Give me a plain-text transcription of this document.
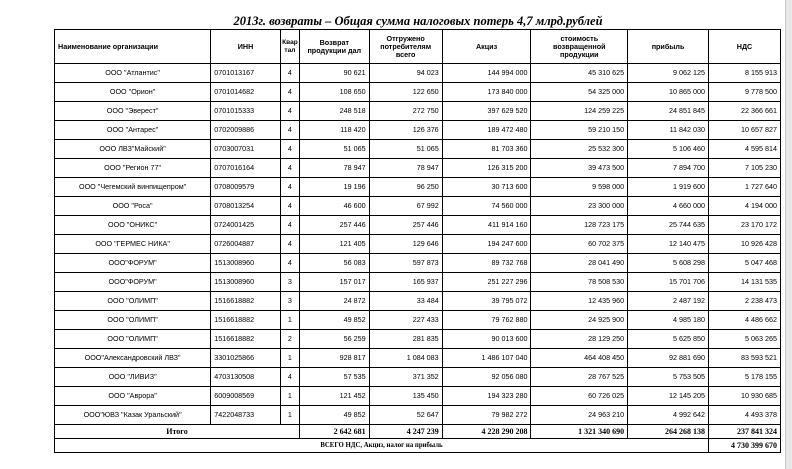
2013г. возвраты – Общая сумма налоговых потерь 4,7 млрд.рублей
Наименование организации	ИНН	Квартал	Возврат продукции дал	Отгружено потребителям всего	Акциз	стоимость возвращенной продукции	прибыль	НДС
ООО "Атлантис"	0701013167	4	90 621	94 023	144 994 000	45 310 625	9 062 125	8 155 913
ООО "Орион"	0701014682	4	108 650	122 650	173 840 000	54 325 000	10 865 000	9 778 500
ООО "Эверест"	0701015333	4	248 518	272 750	397 629 520	124 259 225	24 851 845	22 366 661
ООО "Антарес"	0702009886	4	118 420	126 376	189 472 480	59 210 150	11 842 030	10 657 827
ООО ЛВЗ"Майский"	0703007031	4	51 065	51 065	81 703 360	25 532 300	5 106 460	4 595 814
ООО "Регион 77"	0707016164	4	78 947	78 947	126 315 200	39 473 500	7 894 700	7 105 230
ООО "Чегемский винпищепром"	0708009579	4	19 196	96 250	30 713 600	9 598 000	1 919 600	1 727 640
ООО "Роса"	0708013254	4	46 600	67 992	74 560 000	23 300 000	4 660 000	4 194 000
ООО "ОНИКС"	0724001425	4	257 446	257 446	411 914 160	128 723 175	25 744 635	23 170 172
ООО "ГЕРМЕС НИКА"	0726004887	4	121 405	129 646	194 247 600	60 702 375	12 140 475	10 926 428
ООО"ФОРУМ"	1513008960	4	56 083	597 873	89 732 768	28 041 490	5 608 298	5 047 468
ООО"ФОРУМ"	1513008960	3	157 017	165 937	251 227 296	78 508 530	15 701 706	14 131 535
ООО "ОЛИМП"	1516618882	3	24 872	33 484	39 795 072	12 435 960	2 487 192	2 238 473
ООО "ОЛИМП"	1516618882	1	49 852	227 433	79 762 880	24 925 900	4 985 180	4 486 662
ООО "ОЛИМП"	1516618882	2	56 259	281 835	90 013 600	28 129 250	5 625 850	5 063 265
ООО"Александровский ЛВЗ"	3301025866	1	928 817	1 084 083	1 486 107 040	464 408 450	92 881 690	83 593 521
ООО "ЛИВИЗ"	4703130508	4	57 535	371 352	92 056 080	28 767 525	5 753 505	5 178 155
ООО "Аврора"	6009008569	1	121 452	135 450	194 323 280	60 726 025	12 145 205	10 930 685
ООО"ЮВЗ "Казак Уральский"	7422048733	1	49 852	52 647	79 982 272	24 963 210	4 992 642	4 493 378
Итого			2 642 681	4 247 239	4 228 290 208	1 321 340 690	264 268 138	237 841 324
ВСЕГО НДС, Акциз, налог на прибыль								4 730 399 670
